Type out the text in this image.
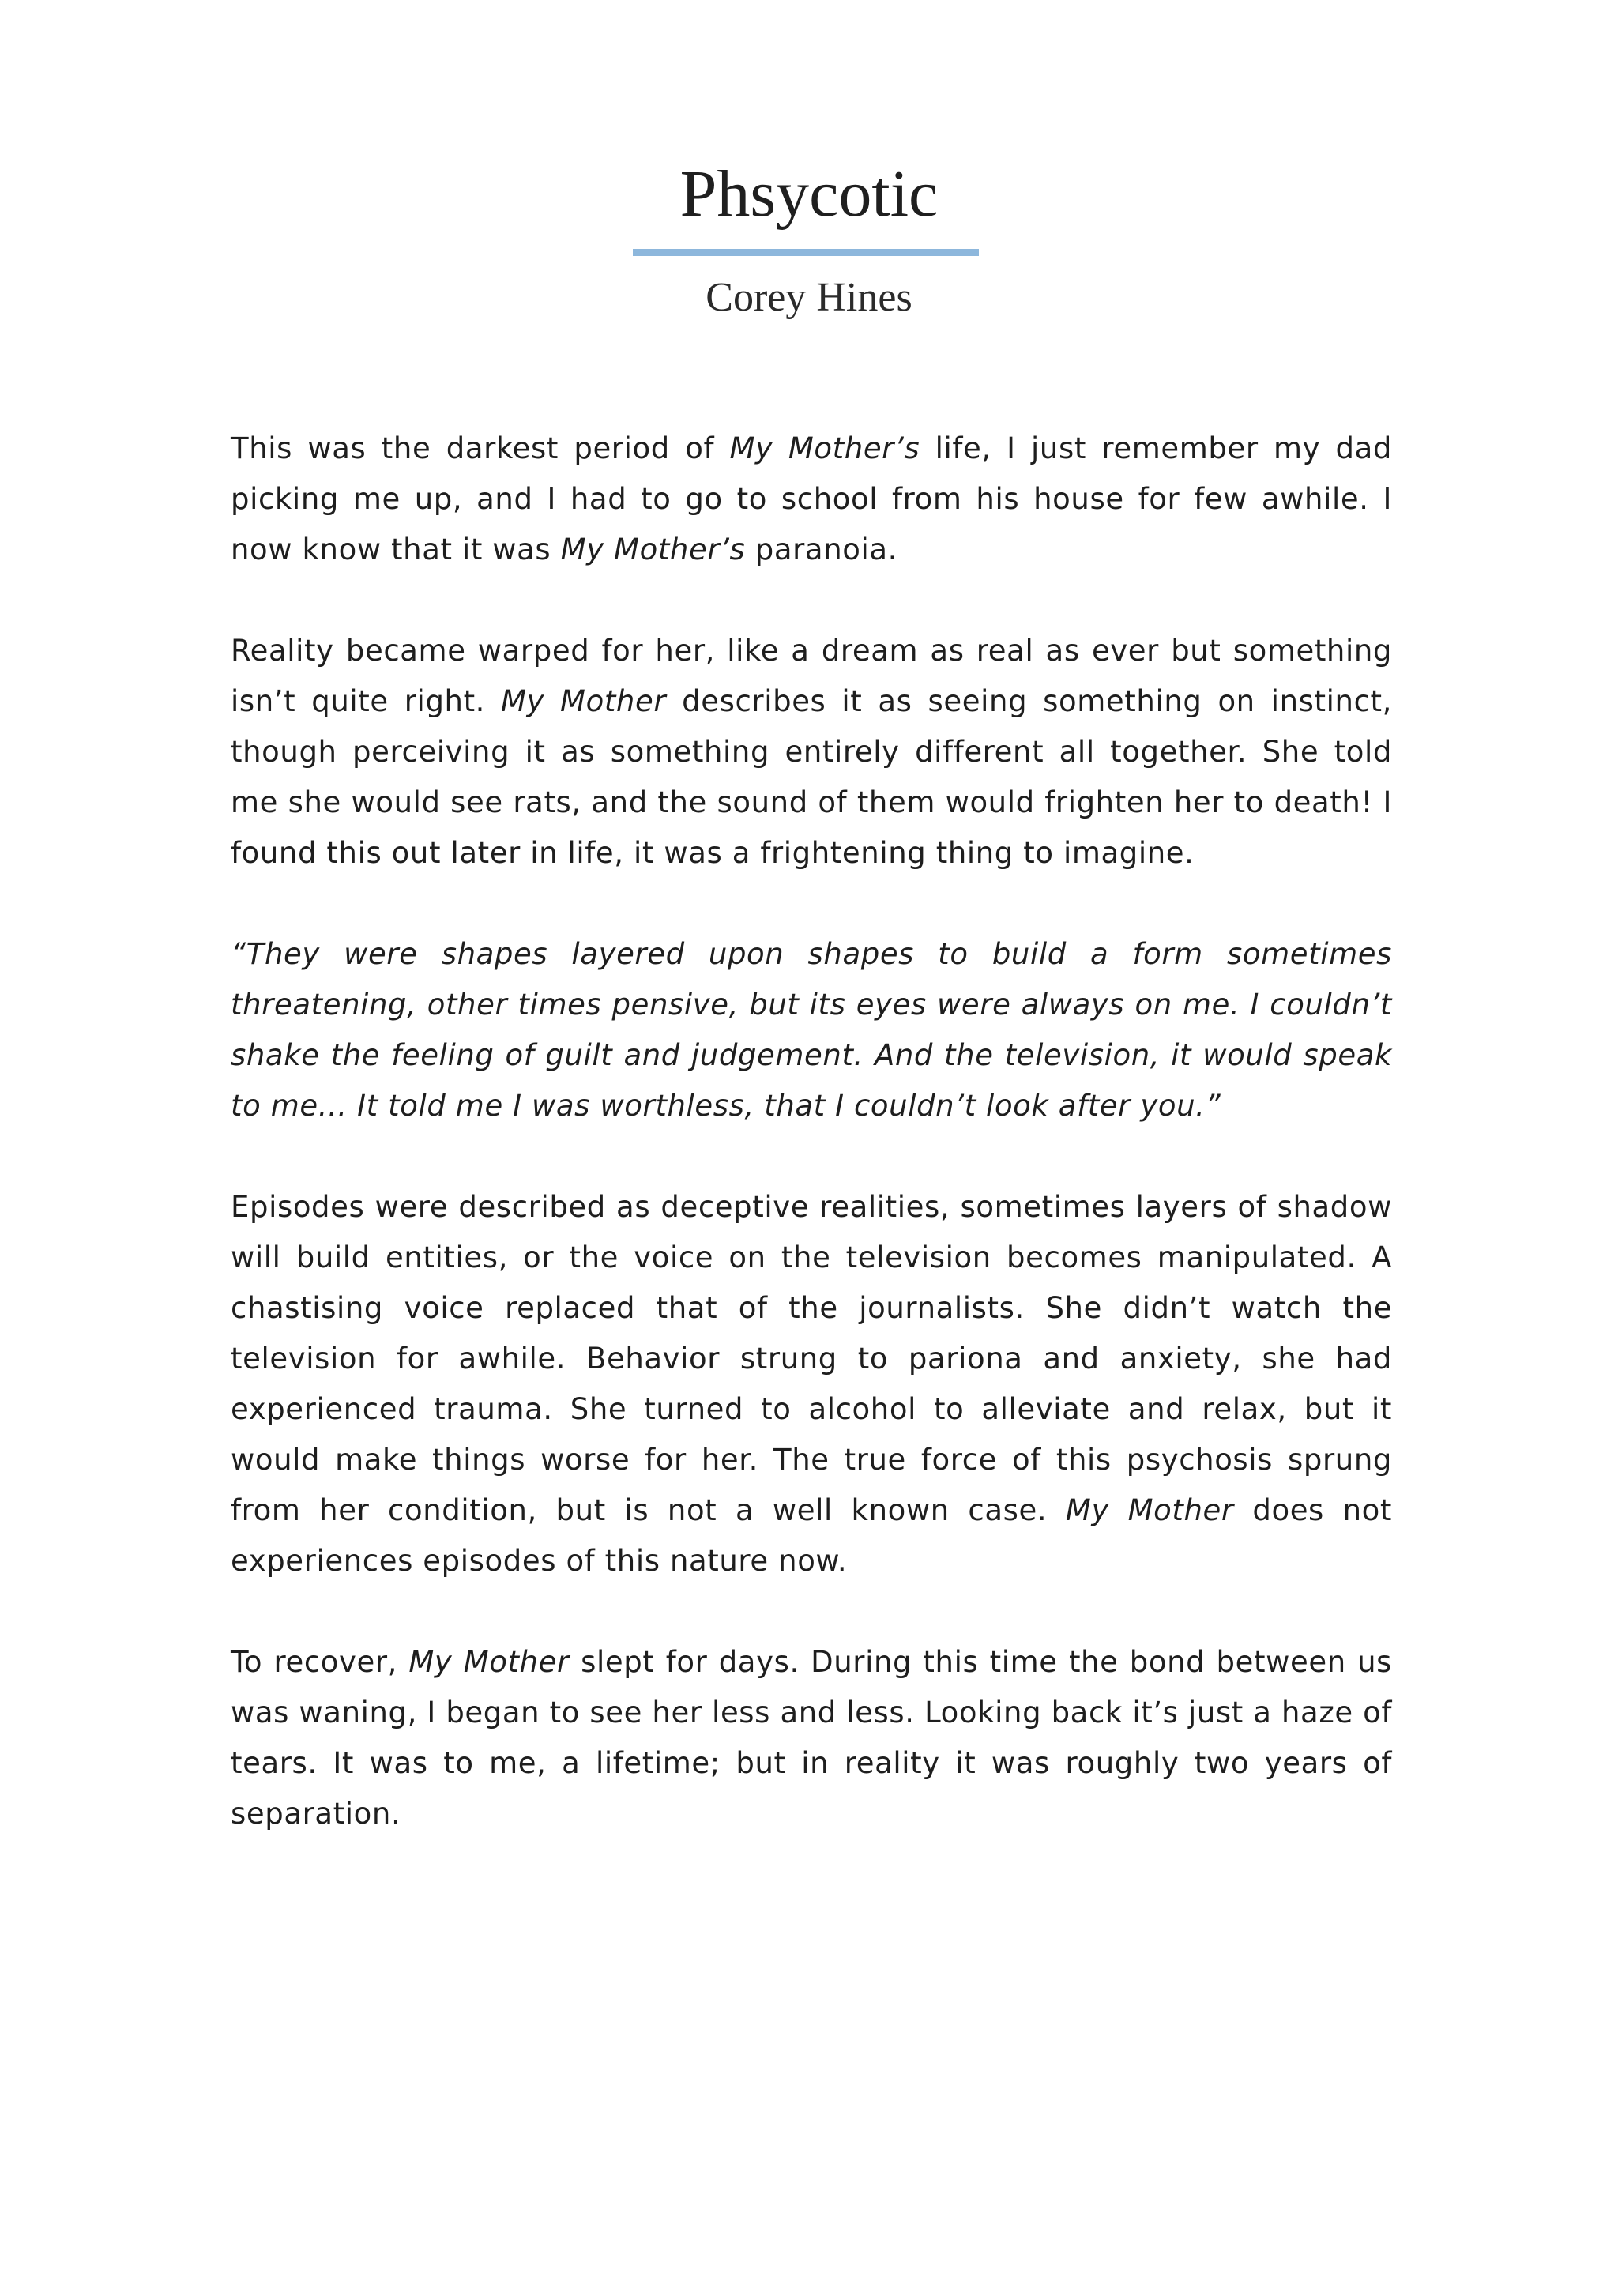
Phsycotic
Corey Hines

This was the darkest period of My Mother’s life, I just remember my dad picking me up, and I had to go to school from his house for few awhile. I now know that it was My Mother’s paranoia.

Reality became warped for her, like a dream as real as ever but something isn’t quite right. My Mother describes it as seeing something on instinct, though perceiving it as something entirely different all together. She told me she would see rats, and the sound of them would frighten her to death! I found this out later in life, it was a frightening thing to imagine.

“They were shapes layered upon shapes to build a form sometimes threatening, other times pensive, but its eyes were always on me. I couldn’t shake the feeling of guilt and judgement. And the television, it would speak to me... It told me I was worthless, that I couldn’t look after you.”

Episodes were described as deceptive realities, sometimes layers of shadow will build entities, or the voice on the television becomes manipulated. A chastising voice replaced that of the journalists. She didn’t watch the television for awhile. Behavior strung to pariona and anxiety, she had experienced trauma. She turned to alcohol to alleviate and relax, but it would make things worse for her. The true force of this psychosis sprung from her condition, but is not a well known case. My Mother does not experiences episodes of this nature now.

To recover, My Mother slept for days. During this time the bond between us was waning, I began to see her less and less. Looking back it’s just a haze of tears. It was to me, a lifetime; but in reality it was roughly two years of separation.
